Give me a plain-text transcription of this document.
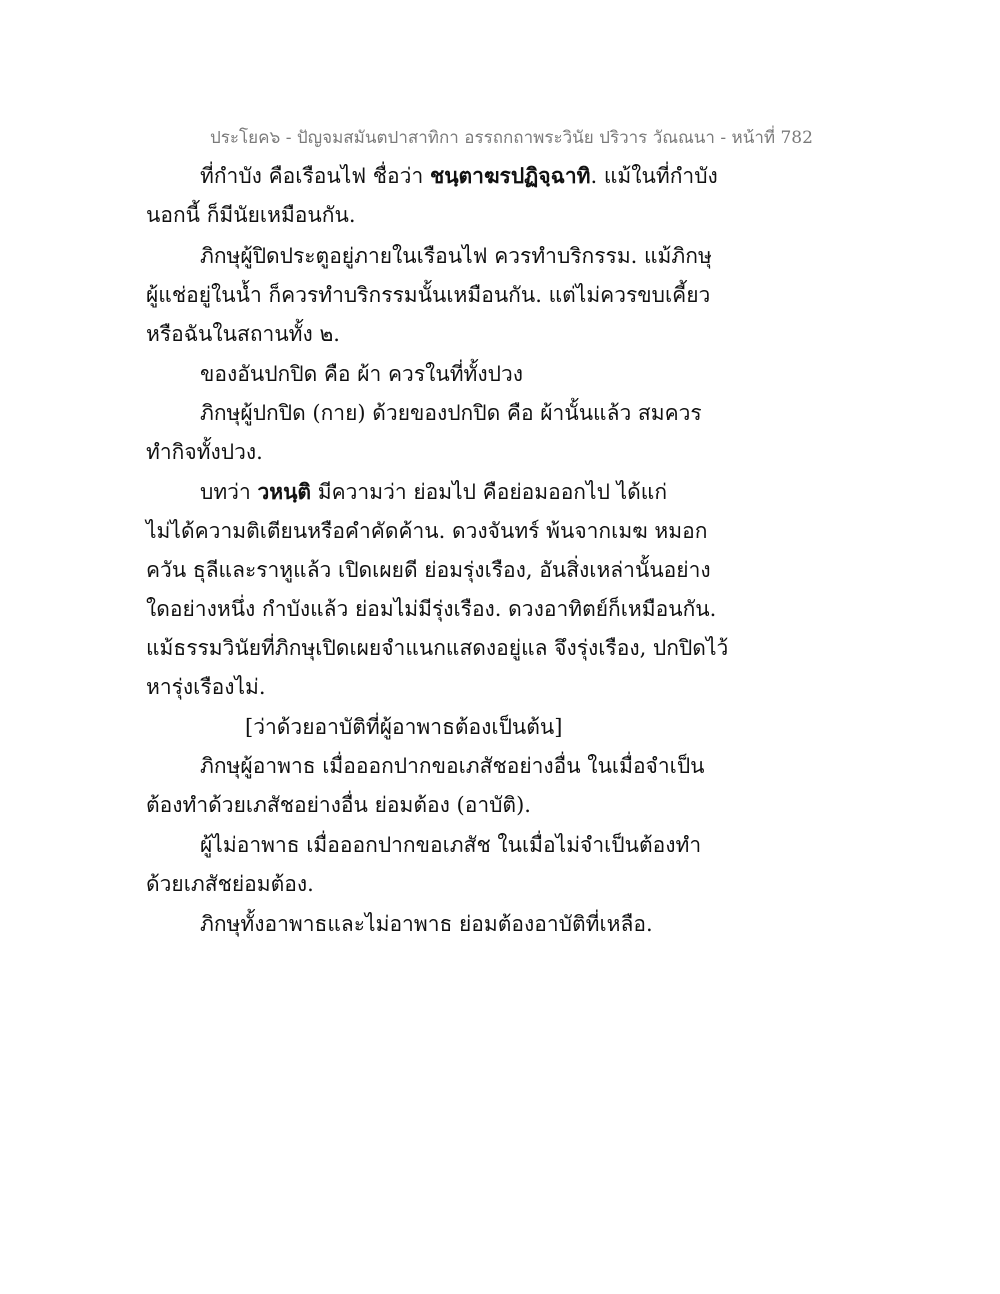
ประโยค๖ - ปัญจมสมันตปาสาทิกา อรรถกถาพระวินัย ปริวาร วัณณนา - หน้าที่ 782
ที่กำบัง คือเรือนไฟ ชื่อว่า ชนฺตาฆรปฏิจฺฉาทิ. แม้ในที่กำบัง
นอกนี้ ก็มีนัยเหมือนกัน.
ภิกษุผู้ปิดประตูอยู่ภายในเรือนไฟ ควรทำบริกรรม. แม้ภิกษุ
ผู้แช่อยู่ในน้ำ ก็ควรทำบริกรรมนั้นเหมือนกัน. แต่ไม่ควรขบเคี้ยว
หรือฉันในสถานทั้ง ๒.
ของอันปกปิด คือ ผ้า ควรในที่ทั้งปวง
ภิกษุผู้ปกปิด (กาย) ด้วยของปกปิด คือ ผ้านั้นแล้ว สมควร
ทำกิจทั้งปวง.
บทว่า วหนฺติ มีความว่า ย่อมไป คือย่อมออกไป ได้แก่
ไม่ได้ความติเตียนหรือคำคัดค้าน. ดวงจันทร์ พ้นจากเมฆ หมอก
ควัน ธุลีและราหูแล้ว เปิดเผยดี ย่อมรุ่งเรือง, อันสิ่งเหล่านั้นอย่าง
ใดอย่างหนึ่ง กำบังแล้ว ย่อมไม่มีรุ่งเรือง. ดวงอาทิตย์ก็เหมือนกัน.
แม้ธรรมวินัยที่ภิกษุเปิดเผยจำแนกแสดงอยู่แล จึงรุ่งเรือง, ปกปิดไว้
หารุ่งเรืองไม่.
[ว่าด้วยอาบัติที่ผู้อาพาธต้องเป็นต้น]
ภิกษุผู้อาพาธ เมื่อออกปากขอเภสัชอย่างอื่น ในเมื่อจำเป็น
ต้องทำด้วยเภสัชอย่างอื่น ย่อมต้อง (อาบัติ).
ผู้ไม่อาพาธ เมื่อออกปากขอเภสัช ในเมื่อไม่จำเป็นต้องทำ
ด้วยเภสัชย่อมต้อง.
ภิกษุทั้งอาพาธและไม่อาพาธ ย่อมต้องอาบัติที่เหลือ.
